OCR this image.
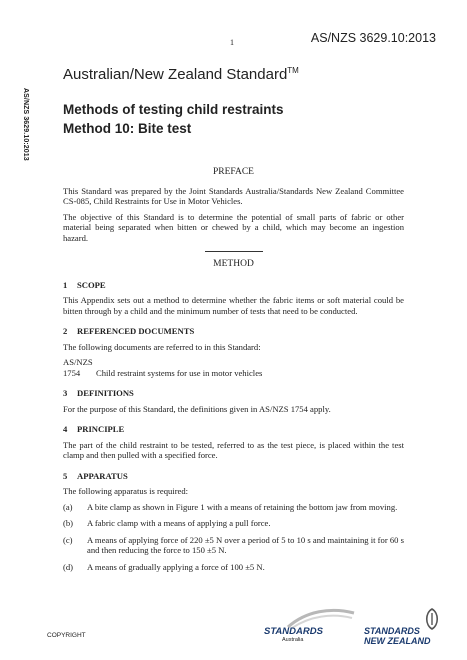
1	AS/NZS 3629.10:2013
AS/NZS 3629.10:2013
Australian/New Zealand Standard™
Methods of testing child restraints
Method 10: Bite test
PREFACE

This Standard was prepared by the Joint Standards Australia/Standards New Zealand Committee CS-085, Child Restraints for Use in Motor Vehicles.

The objective of this Standard is to determine the potential of small parts of fabric or other material being separated when bitten or chewed by a child, which may become an ingestion hazard.

METHOD
1 SCOPE

This Appendix sets out a method to determine whether the fabric items or soft material could be bitten through by a child and the minimum number of tests that need to be conducted.

2 REFERENCED DOCUMENTS

The following documents are referred to in this Standard:

AS/NZS
1754	Child restraint systems for use in motor vehicles
3 DEFINITIONS

For the purpose of this Standard, the definitions given in AS/NZS 1754 apply.

4 PRINCIPLE

The part of the child restraint to be tested, referred to as the test piece, is placed within the test clamp and then pulled with a specified force.

5 APPARATUS

The following apparatus is required:

(a)	A bite clamp as shown in Figure 1 with a means of retaining the bottom jaw from moving.
(b)	A fabric clamp with a means of applying a pull force.
(c)	A means of applying force of 220 ±5 N over a period of 5 to 10 s and maintaining it for 60 s and then reducing the force to 150 ±5 N.
(d)	A means of gradually applying a force of 100 ±5 N.
COPYRIGHT	STANDARDS
Australia
STANDARDS
NEW ZEALAND
